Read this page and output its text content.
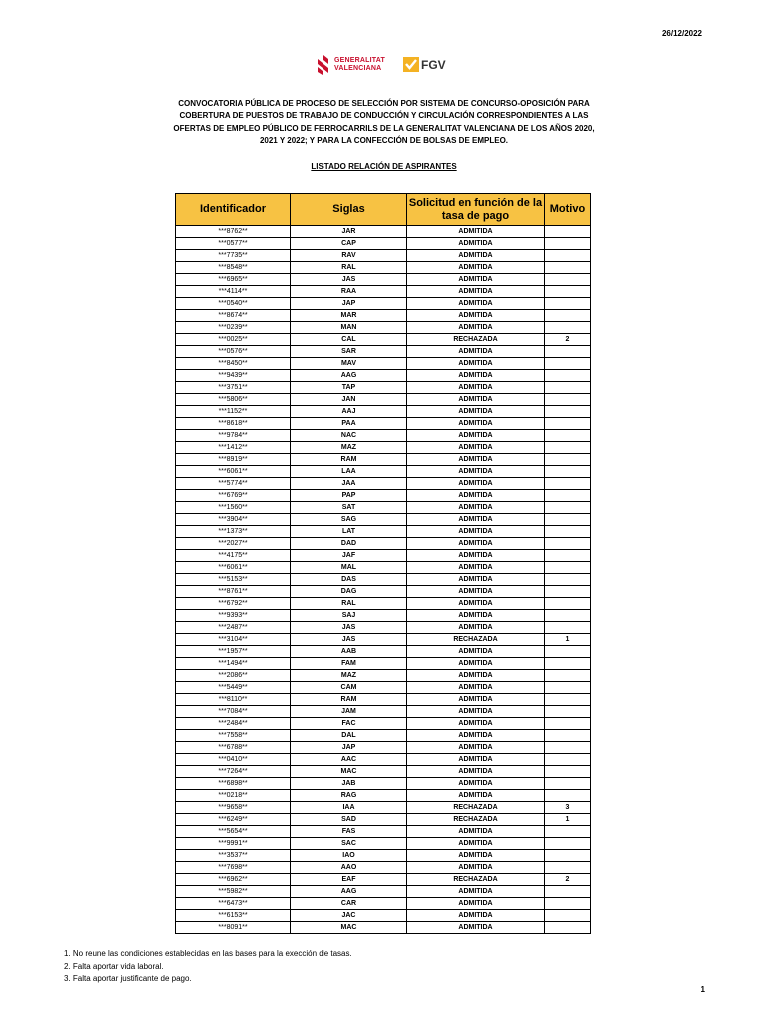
26/12/2022
GENERALITAT
VALENCIANA	FGV
CONVOCATORIA PÚBLICA DE PROCESO DE SELECCIÓN POR SISTEMA DE CONCURSO-OPOSICIÓN PARA COBERTURA DE PUESTOS DE TRABAJO DE CONDUCCIÓN Y CIRCULACIÓN CORRESPONDIENTES A LAS OFERTAS DE EMPLEO PÚBLICO DE FERROCARRILS DE LA GENERALITAT VALENCIANA DE LOS AÑOS 2020, 2021 Y 2022; Y PARA LA CONFECCIÓN DE BOLSAS DE EMPLEO.
LISTADO RELACIÓN DE ASPIRANTES
Identificador	Siglas	Solicitud en función de la tasa de pago	Motivo
***8762**	JAR	ADMITIDA	
***0577**	CAP	ADMITIDA	
***7735**	RAV	ADMITIDA	
***8548**	RAL	ADMITIDA	
***6965**	JAS	ADMITIDA	
***4114**	RAA	ADMITIDA	
***0540**	JAP	ADMITIDA	
***8674**	MAR	ADMITIDA	
***0239**	MAN	ADMITIDA	
***0025**	CAL	RECHAZADA	2
***0576**	SAR	ADMITIDA	
***8450**	MAV	ADMITIDA	
***9439**	AAG	ADMITIDA	
***3751**	TAP	ADMITIDA	
***5806**	JAN	ADMITIDA	
***1152**	AAJ	ADMITIDA	
***8618**	PAA	ADMITIDA	
***9784**	NAC	ADMITIDA	
***1412**	MAZ	ADMITIDA	
***8919**	RAM	ADMITIDA	
***6061**	LAA	ADMITIDA	
***5774**	JAA	ADMITIDA	
***6769**	PAP	ADMITIDA	
***1560**	SAT	ADMITIDA	
***3904**	SAG	ADMITIDA	
***1373**	LAT	ADMITIDA	
***2027**	DAD	ADMITIDA	
***4175**	JAF	ADMITIDA	
***6061**	MAL	ADMITIDA	
***5153**	DAS	ADMITIDA	
***8761**	DAG	ADMITIDA	
***6792**	RAL	ADMITIDA	
***9393**	SAJ	ADMITIDA	
***2487**	JAS	ADMITIDA	
***3104**	JAS	RECHAZADA	1
***1957**	AAB	ADMITIDA	
***1494**	FAM	ADMITIDA	
***2086**	MAZ	ADMITIDA	
***5449**	CAM	ADMITIDA	
***8110**	RAM	ADMITIDA	
***7084**	JAM	ADMITIDA	
***2484**	FAC	ADMITIDA	
***7558**	DAL	ADMITIDA	
***6788**	JAP	ADMITIDA	
***0410**	AAC	ADMITIDA	
***7264**	MAC	ADMITIDA	
***6898**	JAB	ADMITIDA	
***0218**	RAG	ADMITIDA	
***9658**	IAA	RECHAZADA	3
***6249**	SAD	RECHAZADA	1
***5654**	FAS	ADMITIDA	
***9991**	SAC	ADMITIDA	
***3537**	IAO	ADMITIDA	
***7698**	AAO	ADMITIDA	
***6962**	EAF	RECHAZADA	2
***5982**	AAG	ADMITIDA	
***6473**	CAR	ADMITIDA	
***6153**	JAC	ADMITIDA	
***8091**	MAC	ADMITIDA	
1. No reune las condiciones establecidas en las bases para la exección de tasas.
2. Falta aportar vida laboral.
3. Falta aportar justificante de pago.
1
